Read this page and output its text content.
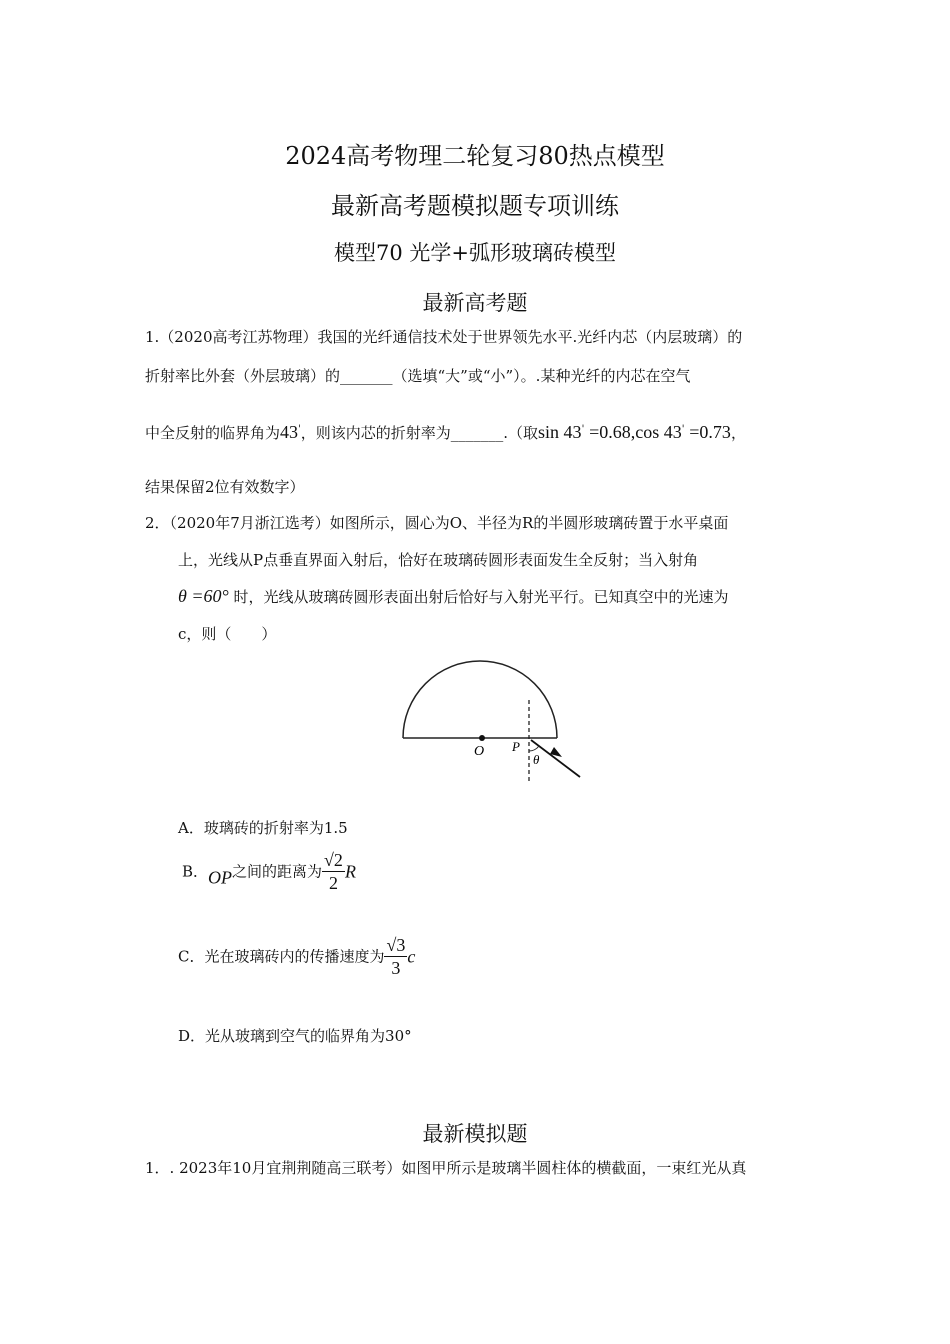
2024高考物理二轮复习80热点模型
最新高考题模拟题专项训练
模型70 光学+弧形玻璃砖模型
最新高考题
1.（2020高考江苏物理）我国的光纤通信技术处于世界领先水平.光纤内芯（内层玻璃）的
折射率比外套（外层玻璃）的_______（选填“大”或“小”）。.某种光纤的内芯在空气
中全反射的临界角为43'，则该内芯的折射率为_______.（取sin 43' =0.68,cos 43' =0.73，
结果保留2位有效数字）
2．（2020年7月浙江选考）如图所示，圆心为O、半径为R的半圆形玻璃砖置于水平桌面
上，光线从P点垂直界面入射后，恰好在玻璃砖圆形表面发生全反射；当入射角
θ =60° 时，光线从玻璃砖圆形表面出射后恰好与入射光平行。已知真空中的光速为
c，则（　　）
O P
θ
A．玻璃砖的折射率为1.5
B．OP之间的距离为 $\frac{√2}{2}$ R
C．光在玻璃砖内的传播速度为 $\frac{√3}{3}$ c
D．光从玻璃到空气的临界角为30°
最新模拟题
1．. 2023年10月宜荆荆随高三联考）如图甲所示是玻璃半圆柱体的横截面，一束红光从真
